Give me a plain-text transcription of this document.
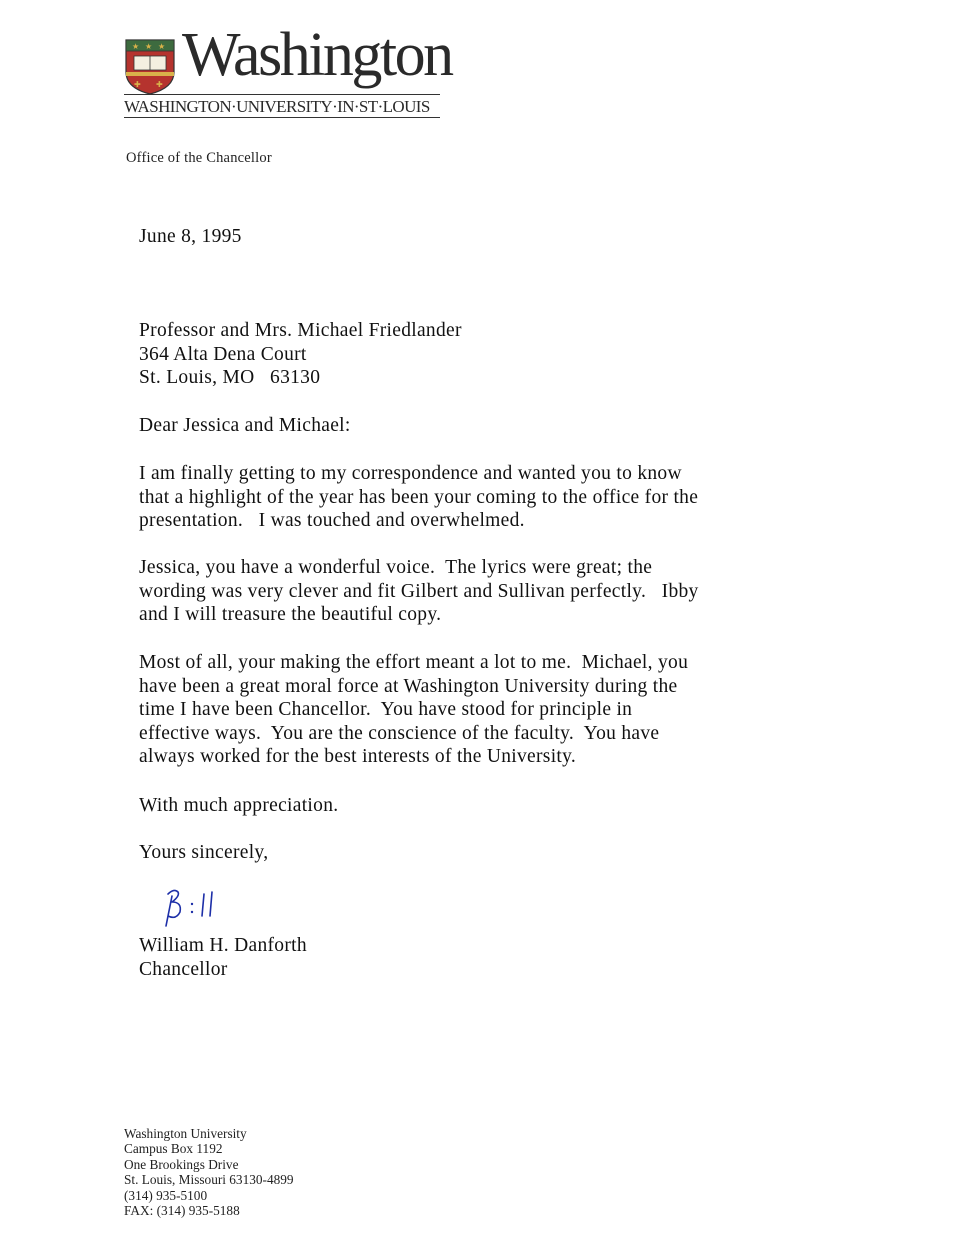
★ ★ ★
✚ ✚ Washington
WASHINGTON·UNIVERSITY·IN·ST·LOUIS
Office of the Chancellor
June 8, 1995
Professor and Mrs. Michael Friedlander
364 Alta Dena Court
St. Louis, MO   63130
Dear Jessica and Michael:
I am finally getting to my correspondence and wanted you to know
that a highlight of the year has been your coming to the office for the
presentation.   I was touched and overwhelmed.
Jessica, you have a wonderful voice.  The lyrics were great; the
wording was very clever and fit Gilbert and Sullivan perfectly.   Ibby
and I will treasure the beautiful copy.
Most of all, your making the effort meant a lot to me.  Michael, you
have been a great moral force at Washington University during the
time I have been Chancellor.  You have stood for principle in
effective ways.  You are the conscience of the faculty.  You have
always worked for the best interests of the University.
With much appreciation.
Yours sincerely,
William H. Danforth
Chancellor
Washington University
Campus Box 1192
One Brookings Drive
St. Louis, Missouri 63130-4899
(314) 935-5100
FAX: (314) 935-5188
